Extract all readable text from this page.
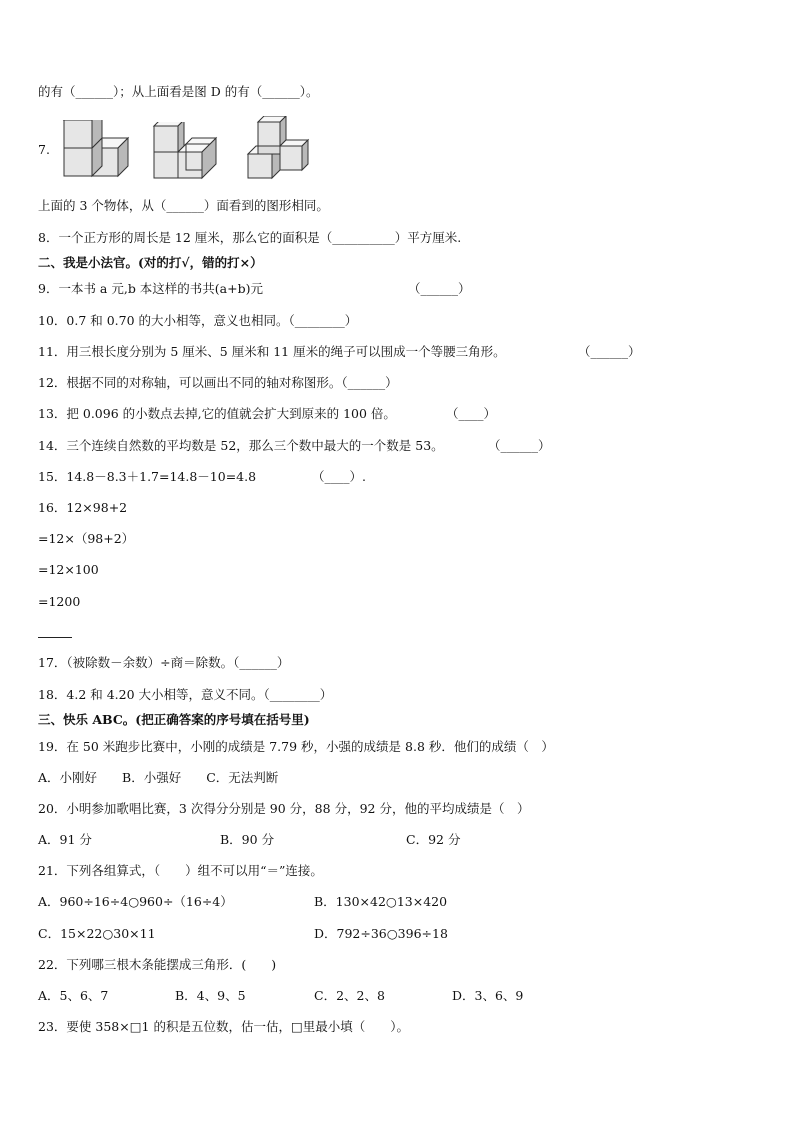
的有（______）；从上面看是图 D 的有（______）。
7.
上面的 3 个物体，从（______）面看到的图形相同。
8．一个正方形的周长是 12 厘米，那么它的面积是（__________）平方厘米.
二、我是小法官。(对的打√，错的打×）
9．一本书 a 元,b 本这样的书共(a+b)元	（______）
10．0.7 和 0.70 的大小相等，意义也相同。（________）
11．用三根长度分别为 5 厘米、5 厘米和 11 厘米的绳子可以围成一个等腰三角形。	（______）
12．根据不同的对称轴，可以画出不同的轴对称图形。（______）
13．把 0.096 的小数点去掉,它的值就会扩大到原来的 100 倍。	（____）
14．三个连续自然数的平均数是 52，那么三个数中最大的一个数是 53。	（______）
15．14.8－8.3＋1.7=14.8－10=4.8	（____）.
16．12×98+2
=12×（98+2）
=12×100
=1200
17．（被除数－余数）÷商＝除数。（______）
18．4.2 和 4.20 大小相等，意义不同。（________）
三、快乐 ABC。(把正确答案的序号填在括号里)
19．在 50 米跑步比赛中，小刚的成绩是 7.79 秒，小强的成绩是 8.8 秒．他们的成绩（　）
A．小刚好　　B．小强好　　C．无法判断
20．小明参加歌唱比赛，3 次得分分别是 90 分，88 分，92 分，他的平均成绩是（　）
A．91 分	B．90 分	C．92 分
21．下列各组算式，（　　）组不可以用“＝”连接。
A．960÷16÷4○960÷（16÷4）	B．130×42○13×420
C．15×22○30×11	D．792÷36○396÷18
22．下列哪三根木条能摆成三角形．(　　)
A．5、6、7	B．4、9、5	C．2、2、8	D．3、6、9
23．要使 358×□1 的积是五位数，估一估，□里最小填（　　）。
